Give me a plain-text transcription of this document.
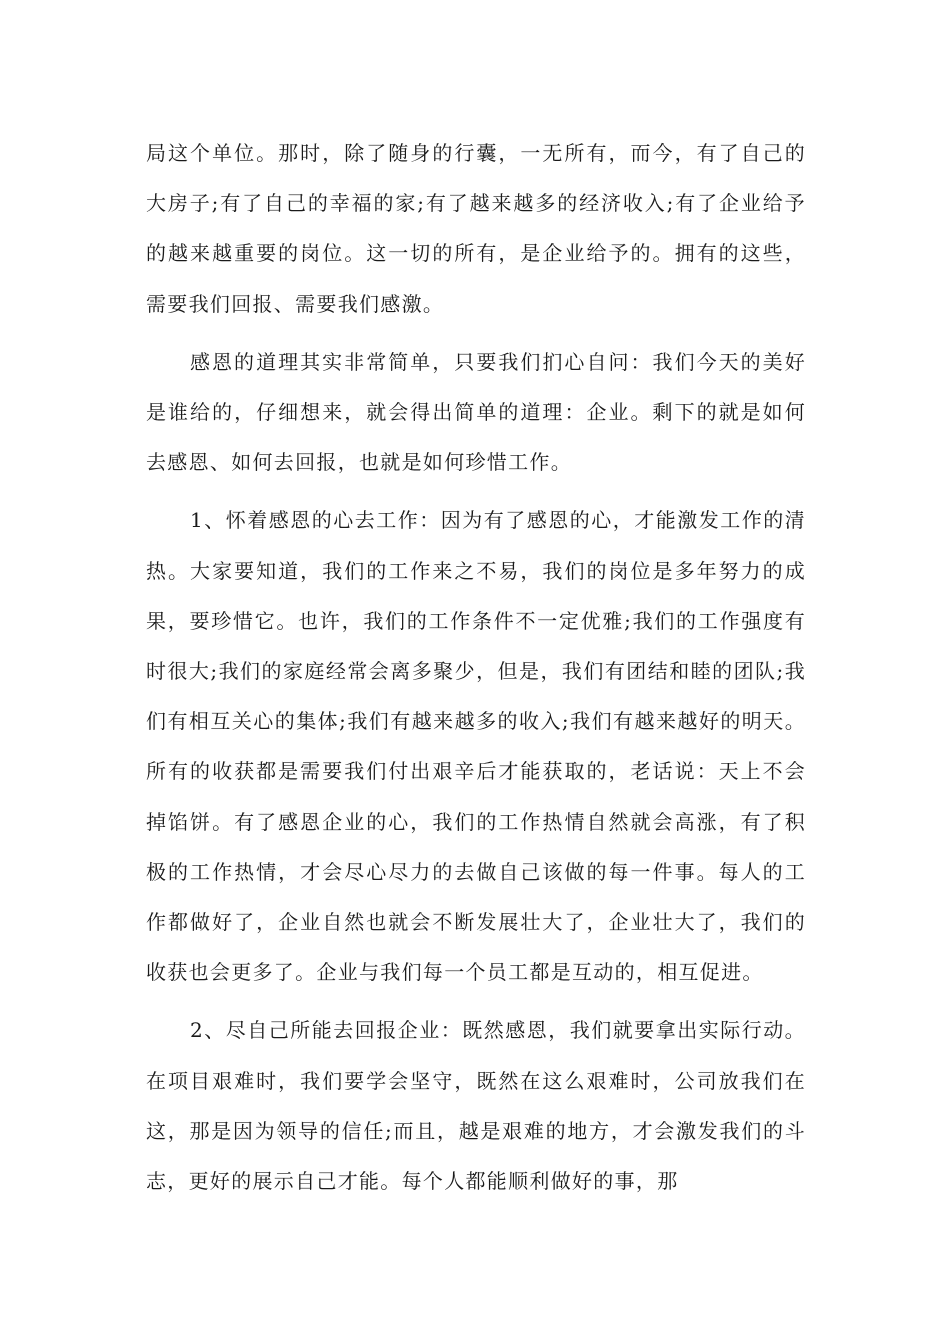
局这个单位。那时，除了随身的行囊，一无所有，而今，有了自己的大房子;有了自己的幸福的家;有了越来越多的经济收入;有了企业给予的越来越重要的岗位。这一切的所有，是企业给予的。拥有的这些，需要我们回报、需要我们感激。

感恩的道理其实非常简单，只要我们扪心自问：我们今天的美好是谁给的，仔细想来，就会得出简单的道理：企业。剩下的就是如何去感恩、如何去回报，也就是如何珍惜工作。

1、怀着感恩的心去工作：因为有了感恩的心，才能激发工作的清热。大家要知道，我们的工作来之不易，我们的岗位是多年努力的成果，要珍惜它。也许，我们的工作条件不一定优雅;我们的工作强度有时很大;我们的家庭经常会离多聚少，但是，我们有团结和睦的团队;我们有相互关心的集体;我们有越来越多的收入;我们有越来越好的明天。所有的收获都是需要我们付出艰辛后才能获取的，老话说：天上不会掉馅饼。有了感恩企业的心，我们的工作热情自然就会高涨，有了积极的工作热情，才会尽心尽力的去做自己该做的每一件事。每人的工作都做好了，企业自然也就会不断发展壮大了，企业壮大了，我们的收获也会更多了。企业与我们每一个员工都是互动的，相互促进。

2、尽自己所能去回报企业：既然感恩，我们就要拿出实际行动。在项目艰难时，我们要学会坚守，既然在这么艰难时，公司放我们在这，那是因为领导的信任;而且，越是艰难的地方，才会激发我们的斗志，更好的展示自己才能。每个人都能顺利做好的事，那
